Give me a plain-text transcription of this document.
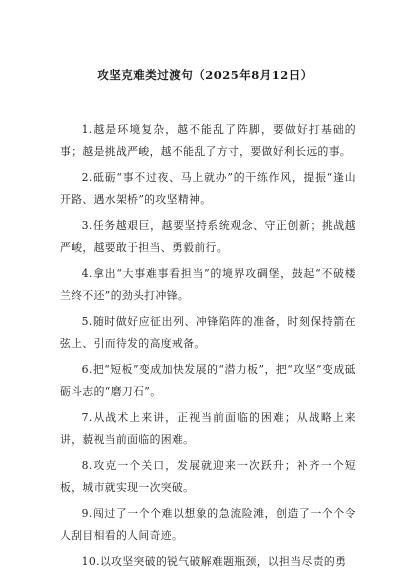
攻坚克难类过渡句（2025年8月12日）

1.越是环境复杂，越不能乱了阵脚，要做好打基础的事；越是挑战严峻，越不能乱了方寸，要做好利长远的事。

2.砥砺“事不过夜、马上就办”的干练作风，提振“逢山开路、遇水架桥”的攻坚精神。

3.任务越艰巨，越要坚持系统观念、守正创新；挑战越严峻，越要敢于担当、勇毅前行。

4.拿出“大事难事看担当”的境界攻碉堡，鼓起“不破楼兰终不还”的劲头打冲锋。

5.随时做好应征出列、冲锋陷阵的准备，时刻保持箭在弦上、引而待发的高度戒备。

6.把“短板”变成加快发展的“潜力板”，把“攻坚”变成砥砺斗志的“磨刀石”。

7.从战术上来讲，正视当前面临的困难；从战略上来讲，藐视当前面临的困难。

8.攻克一个关口，发展就迎来一次跃升；补齐一个短板，城市就实现一次突破。

9.闯过了一个个难以想象的急流险滩，创造了一个个令人刮目相看的人间奇迹。

10.以攻坚突破的锐气破解难题瓶颈，以担当尽责的勇
